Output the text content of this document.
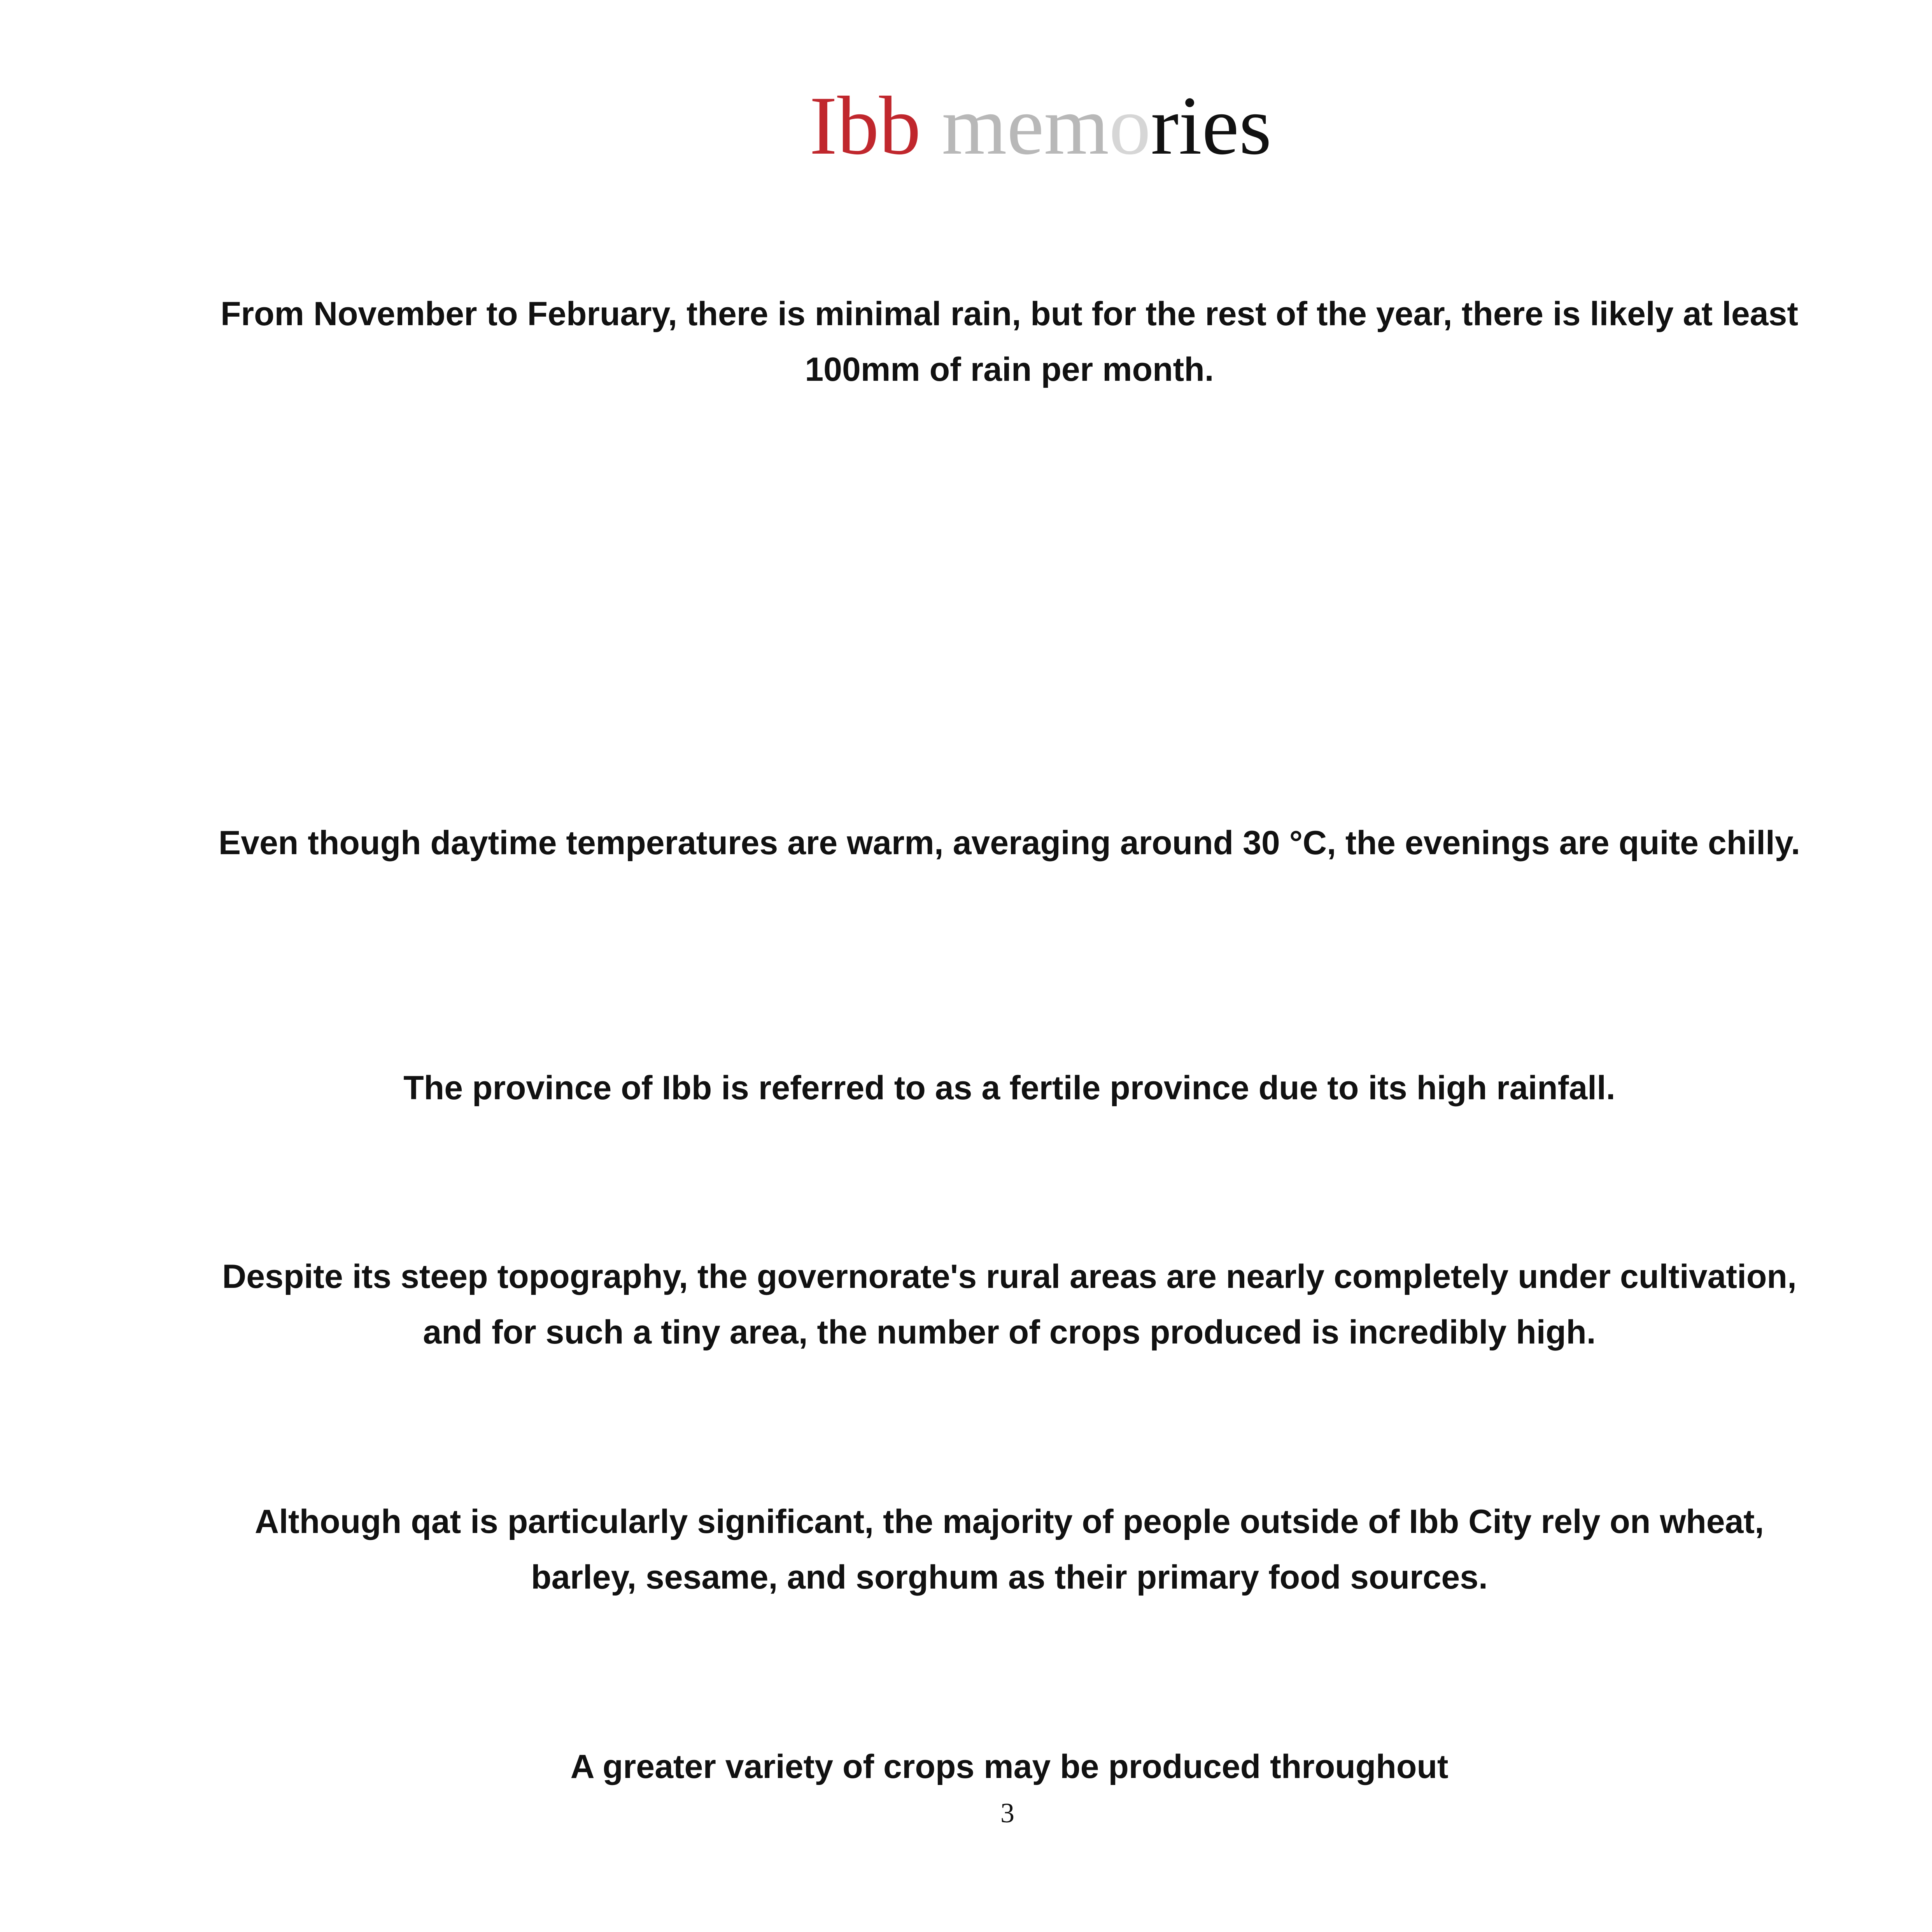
Ibb memories

From November to February, there is minimal rain, but for the rest of the year, there is likely at least 100mm of rain per month.

Even though daytime temperatures are warm, averaging around 30 °C, the evenings are quite chilly.

The province of Ibb is referred to as a fertile province due to its high rainfall.

Despite its steep topography, the governorate's rural areas are nearly completely under cultivation, and for such a tiny area, the number of crops produced is incredibly high.

Although qat is particularly significant, the majority of people outside of Ibb City rely on wheat, barley, sesame, and sorghum as their primary food sources.

A greater variety of crops may be produced throughout

3
